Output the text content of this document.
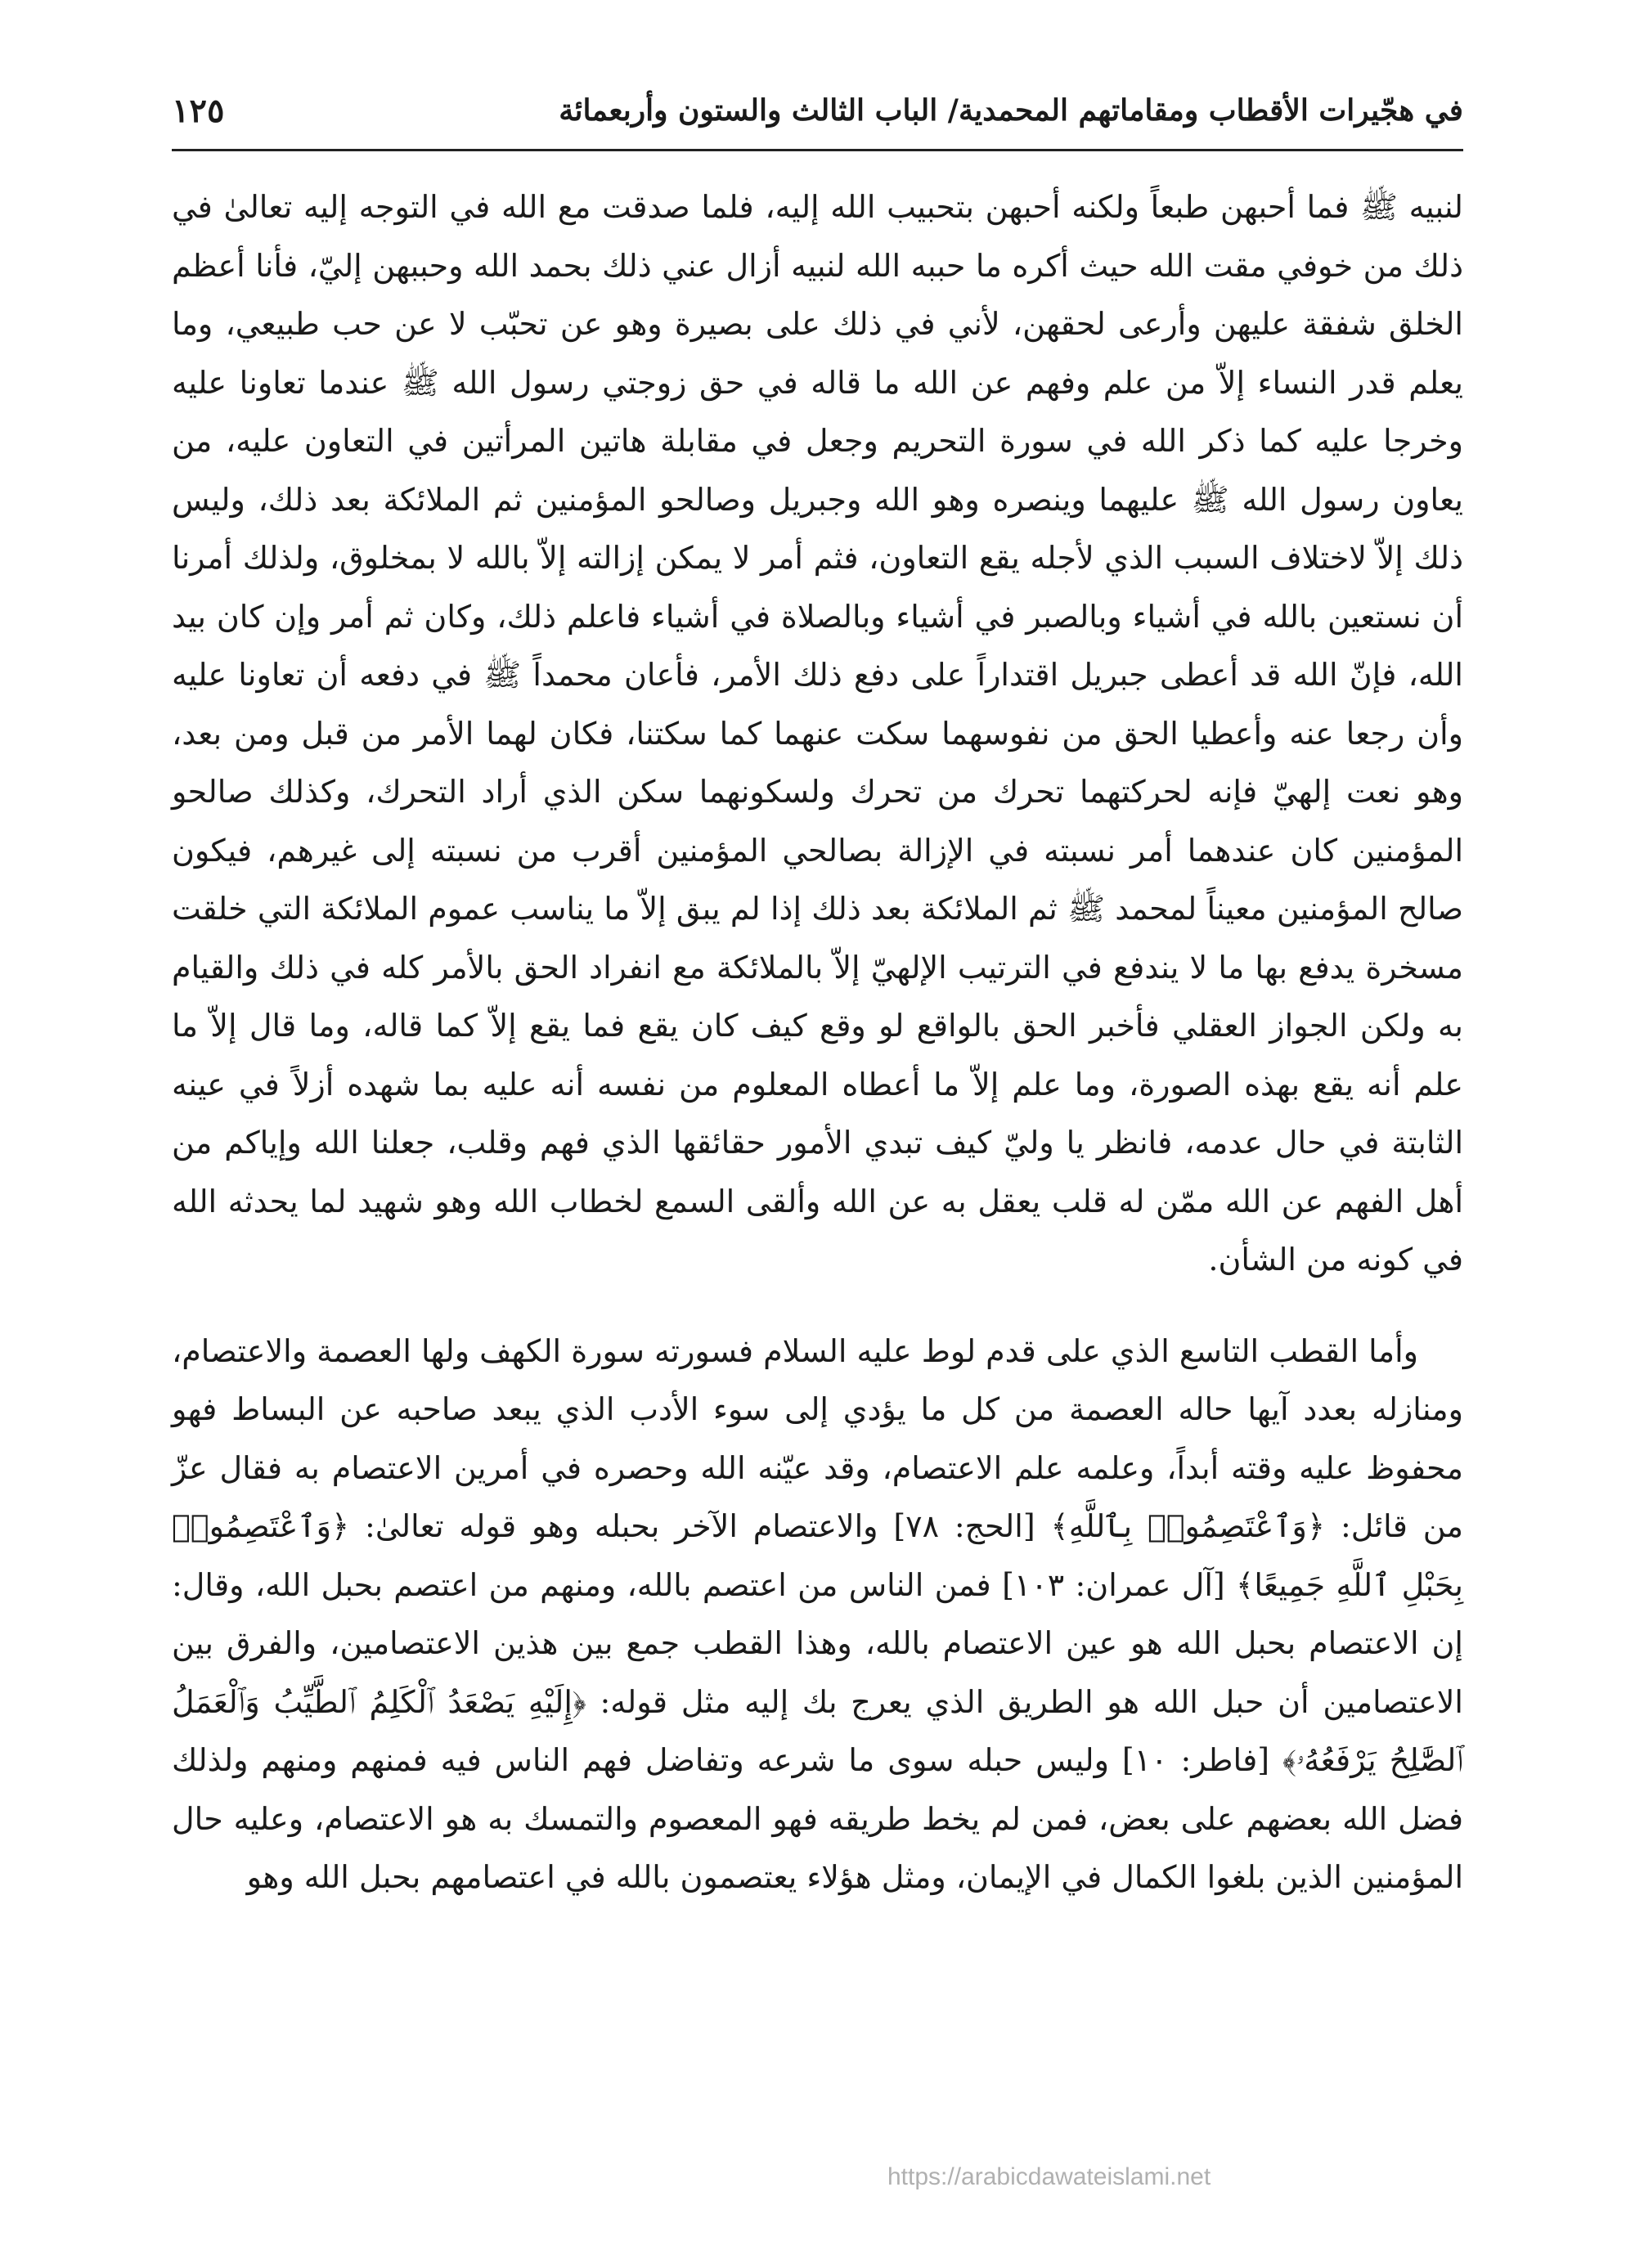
في هجّيرات الأقطاب ومقاماتهم المحمدية/ الباب الثالث والستون وأربعمائة
١٢٥

لنبيه ﷺ فما أحبهن طبعاً ولكنه أحبهن بتحبيب الله إليه، فلما صدقت مع الله في التوجه إليه تعالىٰ في ذلك من خوفي مقت الله حيث أكره ما حببه الله لنبيه أزال عني ذلك بحمد الله وحببهن إليّ، فأنا أعظم الخلق شفقة عليهن وأرعى لحقهن، لأني في ذلك على بصيرة وهو عن تحبّب لا عن حب طبيعي، وما يعلم قدر النساء إلاّ من علم وفهم عن الله ما قاله في حق زوجتي رسول الله ﷺ عندما تعاونا عليه وخرجا عليه كما ذكر الله في سورة التحريم وجعل في مقابلة هاتين المرأتين في التعاون عليه، من يعاون رسول الله ﷺ عليهما وينصره وهو الله وجبريل وصالحو المؤمنين ثم الملائكة بعد ذلك، وليس ذلك إلاّ لاختلاف السبب الذي لأجله يقع التعاون، فثم أمر لا يمكن إزالته إلاّ بالله لا بمخلوق، ولذلك أمرنا أن نستعين بالله في أشياء وبالصبر في أشياء وبالصلاة في أشياء فاعلم ذلك، وكان ثم أمر وإن كان بيد الله، فإنّ الله قد أعطى جبريل اقتداراً على دفع ذلك الأمر، فأعان محمداً ﷺ في دفعه أن تعاونا عليه وأن رجعا عنه وأعطيا الحق من نفوسهما سكت عنهما كما سكتنا، فكان لهما الأمر من قبل ومن بعد، وهو نعت إلهيّ فإنه لحركتهما تحرك من تحرك ولسكونهما سكن الذي أراد التحرك، وكذلك صالحو المؤمنين كان عندهما أمر نسبته في الإزالة بصالحي المؤمنين أقرب من نسبته إلى غيرهم، فيكون صالح المؤمنين معيناً لمحمد ﷺ ثم الملائكة بعد ذلك إذا لم يبق إلاّ ما يناسب عموم الملائكة التي خلقت مسخرة يدفع بها ما لا يندفع في الترتيب الإلهيّ إلاّ بالملائكة مع انفراد الحق بالأمر كله في ذلك والقيام به ولكن الجواز العقلي فأخبر الحق بالواقع لو وقع كيف كان يقع فما يقع إلاّ كما قاله، وما قال إلاّ ما علم أنه يقع بهذه الصورة، وما علم إلاّ ما أعطاه المعلوم من نفسه أنه عليه بما شهده أزلاً في عينه الثابتة في حال عدمه، فانظر يا وليّ كيف تبدي الأمور حقائقها الذي فهم وقلب، جعلنا الله وإياكم من أهل الفهم عن الله ممّن له قلب يعقل به عن الله وألقى السمع لخطاب الله وهو شهيد لما يحدثه الله في كونه من الشأن.

وأما القطب التاسع الذي على قدم لوط عليه السلام فسورته سورة الكهف ولها العصمة والاعتصام، ومنازله بعدد آيها حاله العصمة من كل ما يؤدي إلى سوء الأدب الذي يبعد صاحبه عن البساط فهو محفوظ عليه وقته أبداً، وعلمه علم الاعتصام، وقد عيّنه الله وحصره في أمرين الاعتصام به فقال عزّ من قائل: ﴿وَٱعْتَصِمُوا۟ بِٱللَّهِ﴾ [الحج: ٧٨] والاعتصام الآخر بحبله وهو قوله تعالىٰ: ﴿وَٱعْتَصِمُوا۟ بِحَبْلِ ٱللَّهِ جَمِيعًا﴾ [آل عمران: ١٠٣] فمن الناس من اعتصم بالله، ومنهم من اعتصم بحبل الله، وقال: إن الاعتصام بحبل الله هو عين الاعتصام بالله، وهذا القطب جمع بين هذين الاعتصامين، والفرق بين الاعتصامين أن حبل الله هو الطريق الذي يعرج بك إليه مثل قوله: ﴿إِلَيْهِ يَصْعَدُ ٱلْكَلِمُ ٱلطَّيِّبُ وَٱلْعَمَلُ ٱلصَّٰلِحُ يَرْفَعُهُۥ﴾ [فاطر: ١٠] وليس حبله سوى ما شرعه وتفاضل فهم الناس فيه فمنهم ومنهم ولذلك فضل الله بعضهم على بعض، فمن لم يخط طريقه فهو المعصوم والتمسك به هو الاعتصام، وعليه حال المؤمنين الذين بلغوا الكمال في الإيمان، ومثل هؤلاء يعتصمون بالله في اعتصامهم بحبل الله وهو

https://arabicdawateislami.net
